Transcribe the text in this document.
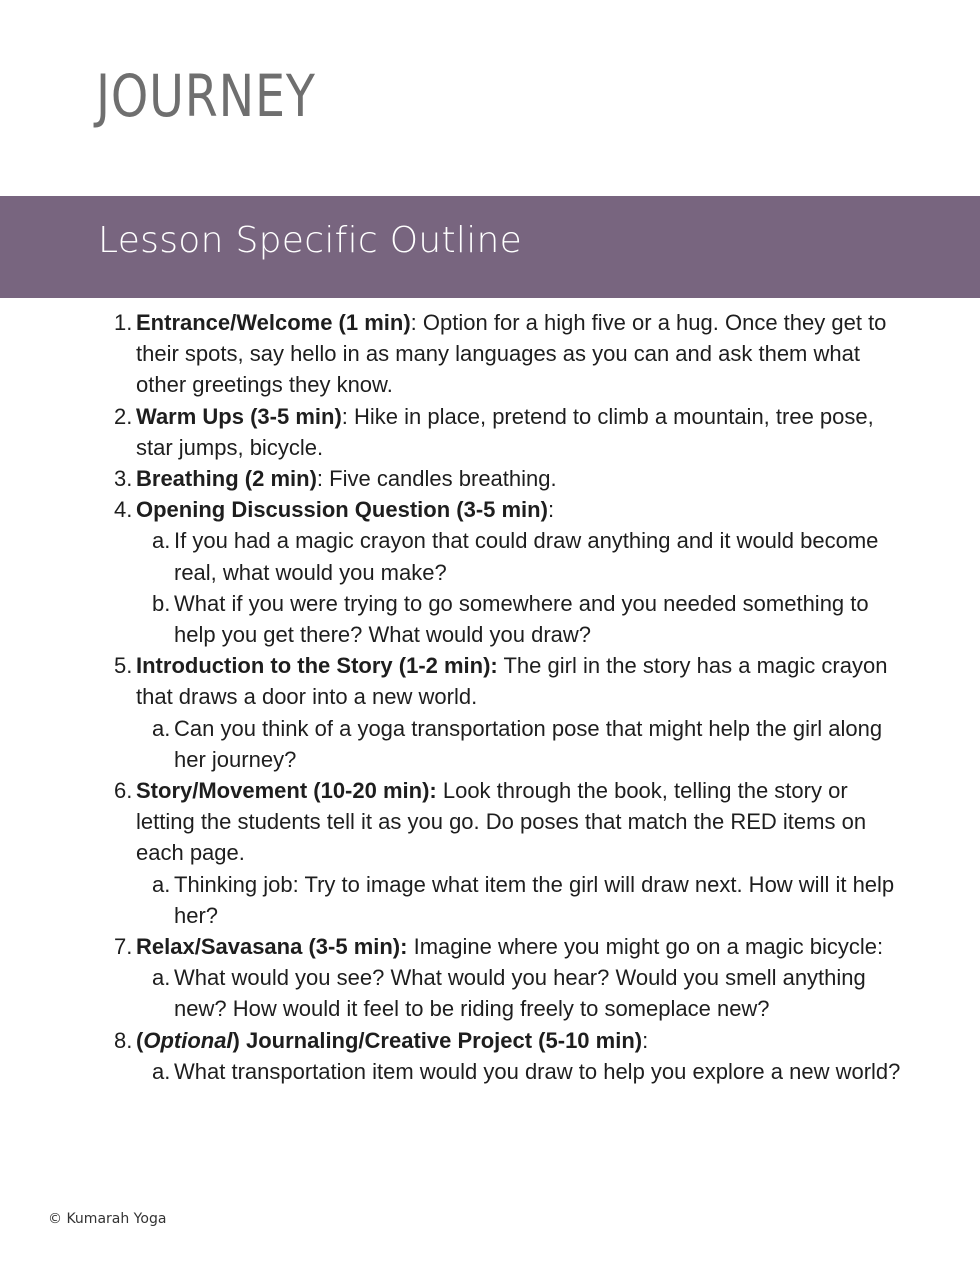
JOURNEY
Lesson Specific Outline
1. Entrance/Welcome (1 min): Option for a high five or a hug. Once they get to their spots, say hello in as many languages as you can and ask them what other greetings they know.
2. Warm Ups (3-5 min): Hike in place, pretend to climb a mountain, tree pose, star jumps, bicycle.
3. Breathing (2 min): Five candles breathing.
4. Opening Discussion Question (3-5 min):
a. If you had a magic crayon that could draw anything and it would become real, what would you make?
b. What if you were trying to go somewhere and you needed something to help you get there? What would you draw?
5. Introduction to the Story (1-2 min): The girl in the story has a magic crayon that draws a door into a new world.
a. Can you think of a yoga transportation pose that might help the girl along her journey?
6. Story/Movement (10-20 min): Look through the book, telling the story or letting the students tell it as you go. Do poses that match the RED items on each page.
a. Thinking job: Try to image what item the girl will draw next. How will it help her?
7. Relax/Savasana (3-5 min): Imagine where you might go on a magic bicycle:
a. What would you see? What would you hear? Would you smell anything new? How would it feel to be riding freely to someplace new?
8. (Optional) Journaling/Creative Project (5-10 min):
a. What transportation item would you draw to help you explore a new world?
© Kumarah Yoga
